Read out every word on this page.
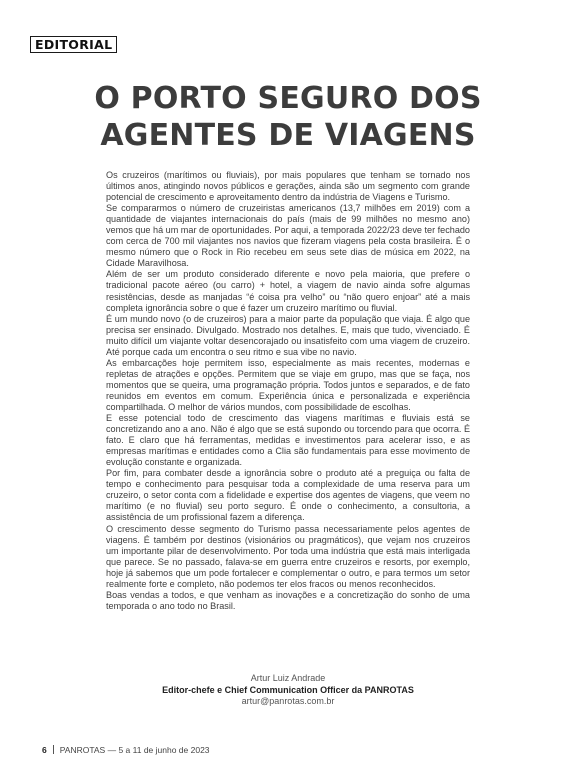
EDITORIAL
O PORTO SEGURO DOS
AGENTES DE VIAGENS

Os cruzeiros (marítimos ou fluviais), por mais populares que tenham se tornado nos últimos anos, atingindo novos públicos e gerações, ainda são um segmento com grande potencial de crescimento e aproveitamento dentro da indústria de Viagens e Turismo.

Se compararmos o número de cruzeiristas americanos (13,7 milhões em 2019) com a quantidade de viajantes internacionais do país (mais de 99 milhões no mesmo ano) vemos que há um mar de oportunidades. Por aqui, a temporada 2022/23 deve ter fechado com cerca de 700 mil viajantes nos navios que fizeram viagens pela costa brasileira. É o mesmo número que o Rock in Rio recebeu em seus sete dias de música em 2022, na Cidade Maravilhosa.

Além de ser um produto considerado diferente e novo pela maioria, que prefere o tradicional pacote aéreo (ou carro) + hotel, a viagem de navio ainda sofre algumas resistências, desde as manjadas “é coisa pra velho” ou “não quero enjoar” até a mais completa ignorância sobre o que é fazer um cruzeiro marítimo ou fluvial.

É um mundo novo (o de cruzeiros) para a maior parte da população que viaja. É algo que precisa ser ensinado. Divulgado. Mostrado nos detalhes. E, mais que tudo, vivenciado. É muito difícil um viajante voltar desencorajado ou insatisfeito com uma viagem de cruzeiro. Até porque cada um encontra o seu ritmo e sua vibe no navio.

As embarcações hoje permitem isso, especialmente as mais recentes, modernas e repletas de atrações e opções. Permitem que se viaje em grupo, mas que se faça, nos momentos que se queira, uma programação própria. Todos juntos e separados, e de fato reunidos em eventos em comum. Experiência única e personalizada e experiência compartilhada. O melhor de vários mundos, com possibilidade de escolhas.

E esse potencial todo de crescimento das viagens marítimas e fluviais está se concretizando ano a ano. Não é algo que se está supondo ou torcendo para que ocorra. É fato. E claro que há ferramentas, medidas e investimentos para acelerar isso, e as empresas marítimas e entidades como a Clia são fundamentais para esse movimento de evolução constante e organizada.

Por fim, para combater desde a ignorância sobre o produto até a preguiça ou falta de tempo e conhecimento para pesquisar toda a complexidade de uma reserva para um cruzeiro, o setor conta com a fidelidade e expertise dos agentes de viagens, que veem no marítimo (e no fluvial) seu porto seguro. É onde o conhecimento, a consultoria, a assistência de um profissional fazem a diferença.

O crescimento desse segmento do Turismo passa necessariamente pelos agentes de viagens. É também por destinos (visionários ou pragmáticos), que vejam nos cruzeiros um importante pilar de desenvolvimento. Por toda uma indústria que está mais interligada que parece. Se no passado, falava-se em guerra entre cruzeiros e resorts, por exemplo, hoje já sabemos que um pode fortalecer e complementar o outro, e para termos um setor realmente forte e completo, não podemos ter elos fracos ou menos reconhecidos.

Boas vendas a todos, e que venham as inovações e a concretização do sonho de uma temporada o ano todo no Brasil.

Artur Luiz Andrade
Editor-chefe e Chief Communication Officer da PANROTAS
artur@panrotas.com.br
6 PANROTAS — 5 a 11 de junho de 2023
